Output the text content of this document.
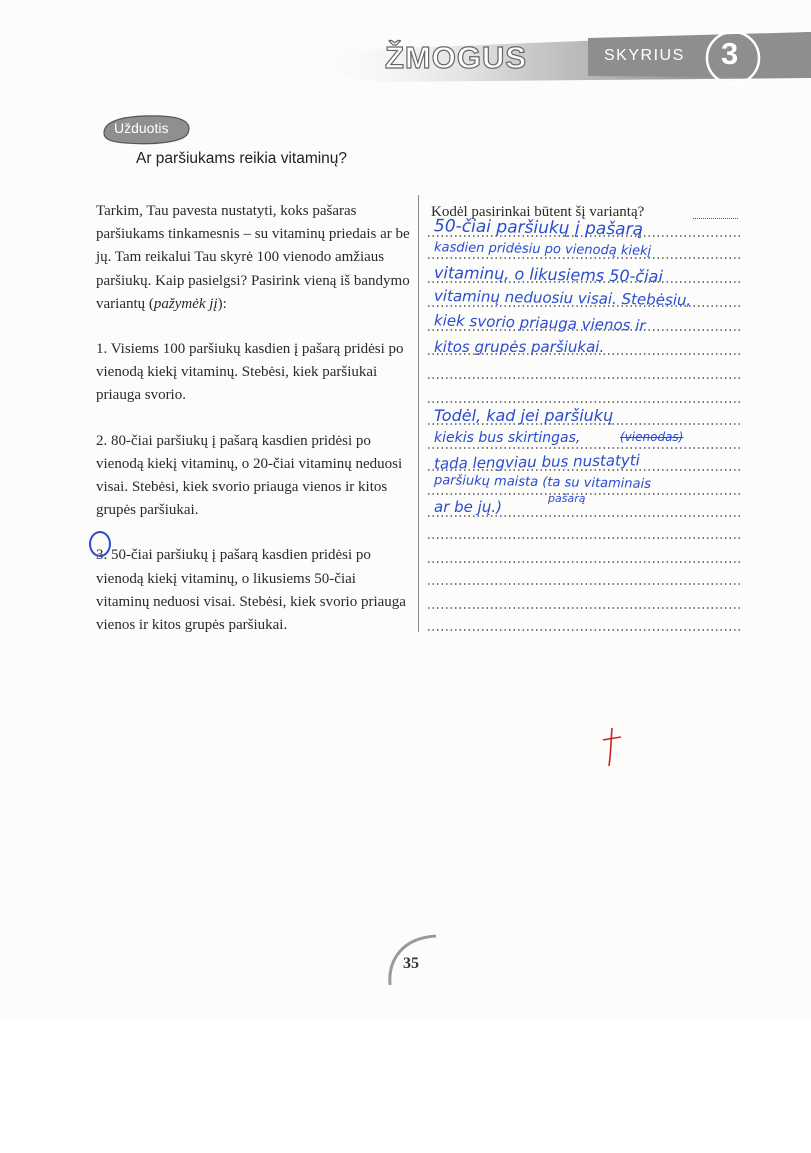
ŽMOGUS	SKYRIUS 3
Užduotis
Ar paršiukams reikia vitaminų?

Tarkim, Tau pavesta nustatyti, koks pašaras paršiukams tinkamesnis – su vitaminų priedais ar be jų. Tam reikalui Tau skyrė 100 vienodo amžiaus paršiukų. Kaip pasielgsi? Pasirink vieną iš bandymo variantų (pažymėk jį):

1. Visiems 100 paršiukų kasdien į pašarą pridėsi po vienodą kiekį vitaminų. Stebėsi, kiek paršiukai priauga svorio.

2. 80-čiai paršiukų į pašarą kasdien pridėsi po vienodą kiekį vitaminų, o 20-čiai vitaminų neduosi visai. Stebėsi, kiek svorio priauga vienos ir kitos grupės paršiukai.

3. 50-čiai paršiukų į pašarą kasdien pridėsi po vienodą kiekį vitaminų, o likusiems 50-čiai vitaminų neduosi visai. Stebėsi, kiek svorio priauga vienos ir kitos grupės paršiukai.

Kodėl pasirinkai būtent šį variantą?
50-čiai paršiukų į pašarą
kasdien pridėsiu po vienodą kiekį
vitaminų, o likusiems 50-čiai
vitaminų neduosiu visai. Stebėsiu,
kiek svorio priauga vienos ir
kitos grupės paršiukai.
Todėl, kad jei paršiukų
kiekis bus skirtingas,	(vienodas)
tada lengviau bus nustatyti
paršiukų maista (ta su vitaminais
ar be jų.)	pašarą
35
